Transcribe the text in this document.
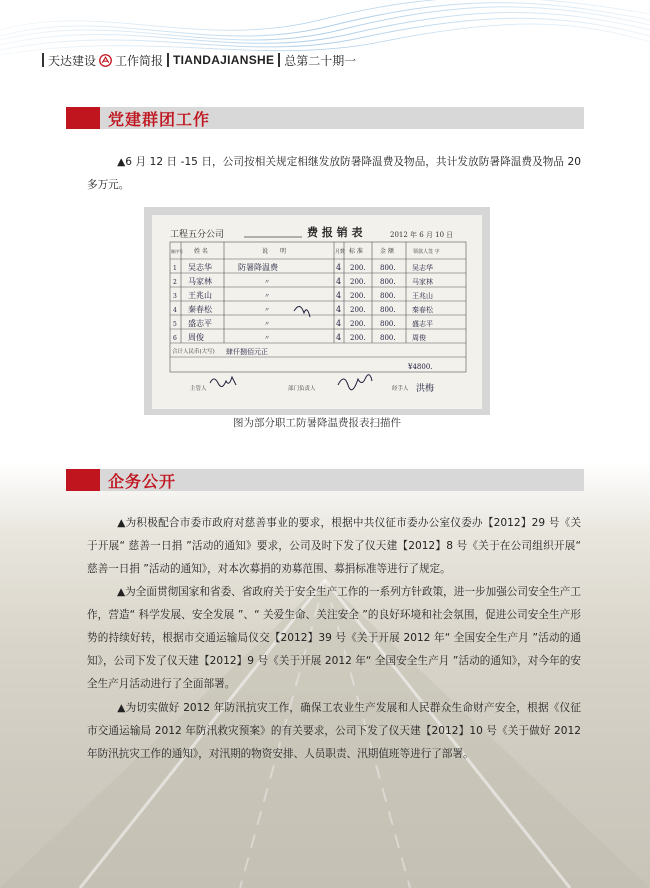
天达建设 工作简报 TIANDAJIANSHE 总第二十期一
党建群团工作

▲6 月 12 日 -15 日，公司按相关规定相继发放防暑降温费及物品，共计发放防暑降温费及物品 20 多万元。

工程五分公司	费 报 销 表	2012 年 6 月 10 日
顺序号 姓 名	说　　明	月数 标 准	金 额	领款人签 字
1 吴志华	防暑降温费	4 200. 800. 吴志华
2 马家林	〃	4 200. 800. 马家林
3 王兆山	〃	4 200. 800. 王兆山
4 秦春松	〃	4 200. 800. 秦春松
5 盛志平	〃	4 200. 800. 盛志平
6 周俊	〃	4 200. 800. 周俊
合计人民币(大写) 肆仟捌佰元正
¥4800.
主管人	部门负责人	经手人 洪梅
图为部分职工防暑降温费报表扫描件
企务公开

▲为积极配合市委市政府对慈善事业的要求，根据中共仪征市委办公室仪委办【2012】29 号《关于开展“ 慈善一日捐 ”活动的通知》要求，公司及时下发了仪天建【2012】8 号《关于在公司组织开展“ 慈善一日捐 ”活动的通知》，对本次募捐的劝募范围、募捐标准等进行了规定。

▲为全面贯彻国家和省委、省政府关于安全生产工作的一系列方针政策，进一步加强公司安全生产工作，营造“ 科学发展、安全发展 ”、“ 关爱生命、关注安全 ”的良好环境和社会氛围，促进公司安全生产形势的持续好转，根据市交通运输局仪交【2012】39 号《关于开展 2012 年“ 全国安全生产月 ”活动的通知》，公司下发了仪天建【2012】9 号《关于开展 2012 年“ 全国安全生产月 ”活动的通知》，对今年的安全生产月活动进行了全面部署。

▲为切实做好 2012 年防汛抗灾工作，确保工农业生产发展和人民群众生命财产安全，根据《仪征市交通运输局 2012 年防汛救灾预案》的有关要求，公司下发了仪天建【2012】10 号《关于做好 2012 年防汛抗灾工作的通知》，对汛期的物资安排、人员职责、汛期值班等进行了部署。
